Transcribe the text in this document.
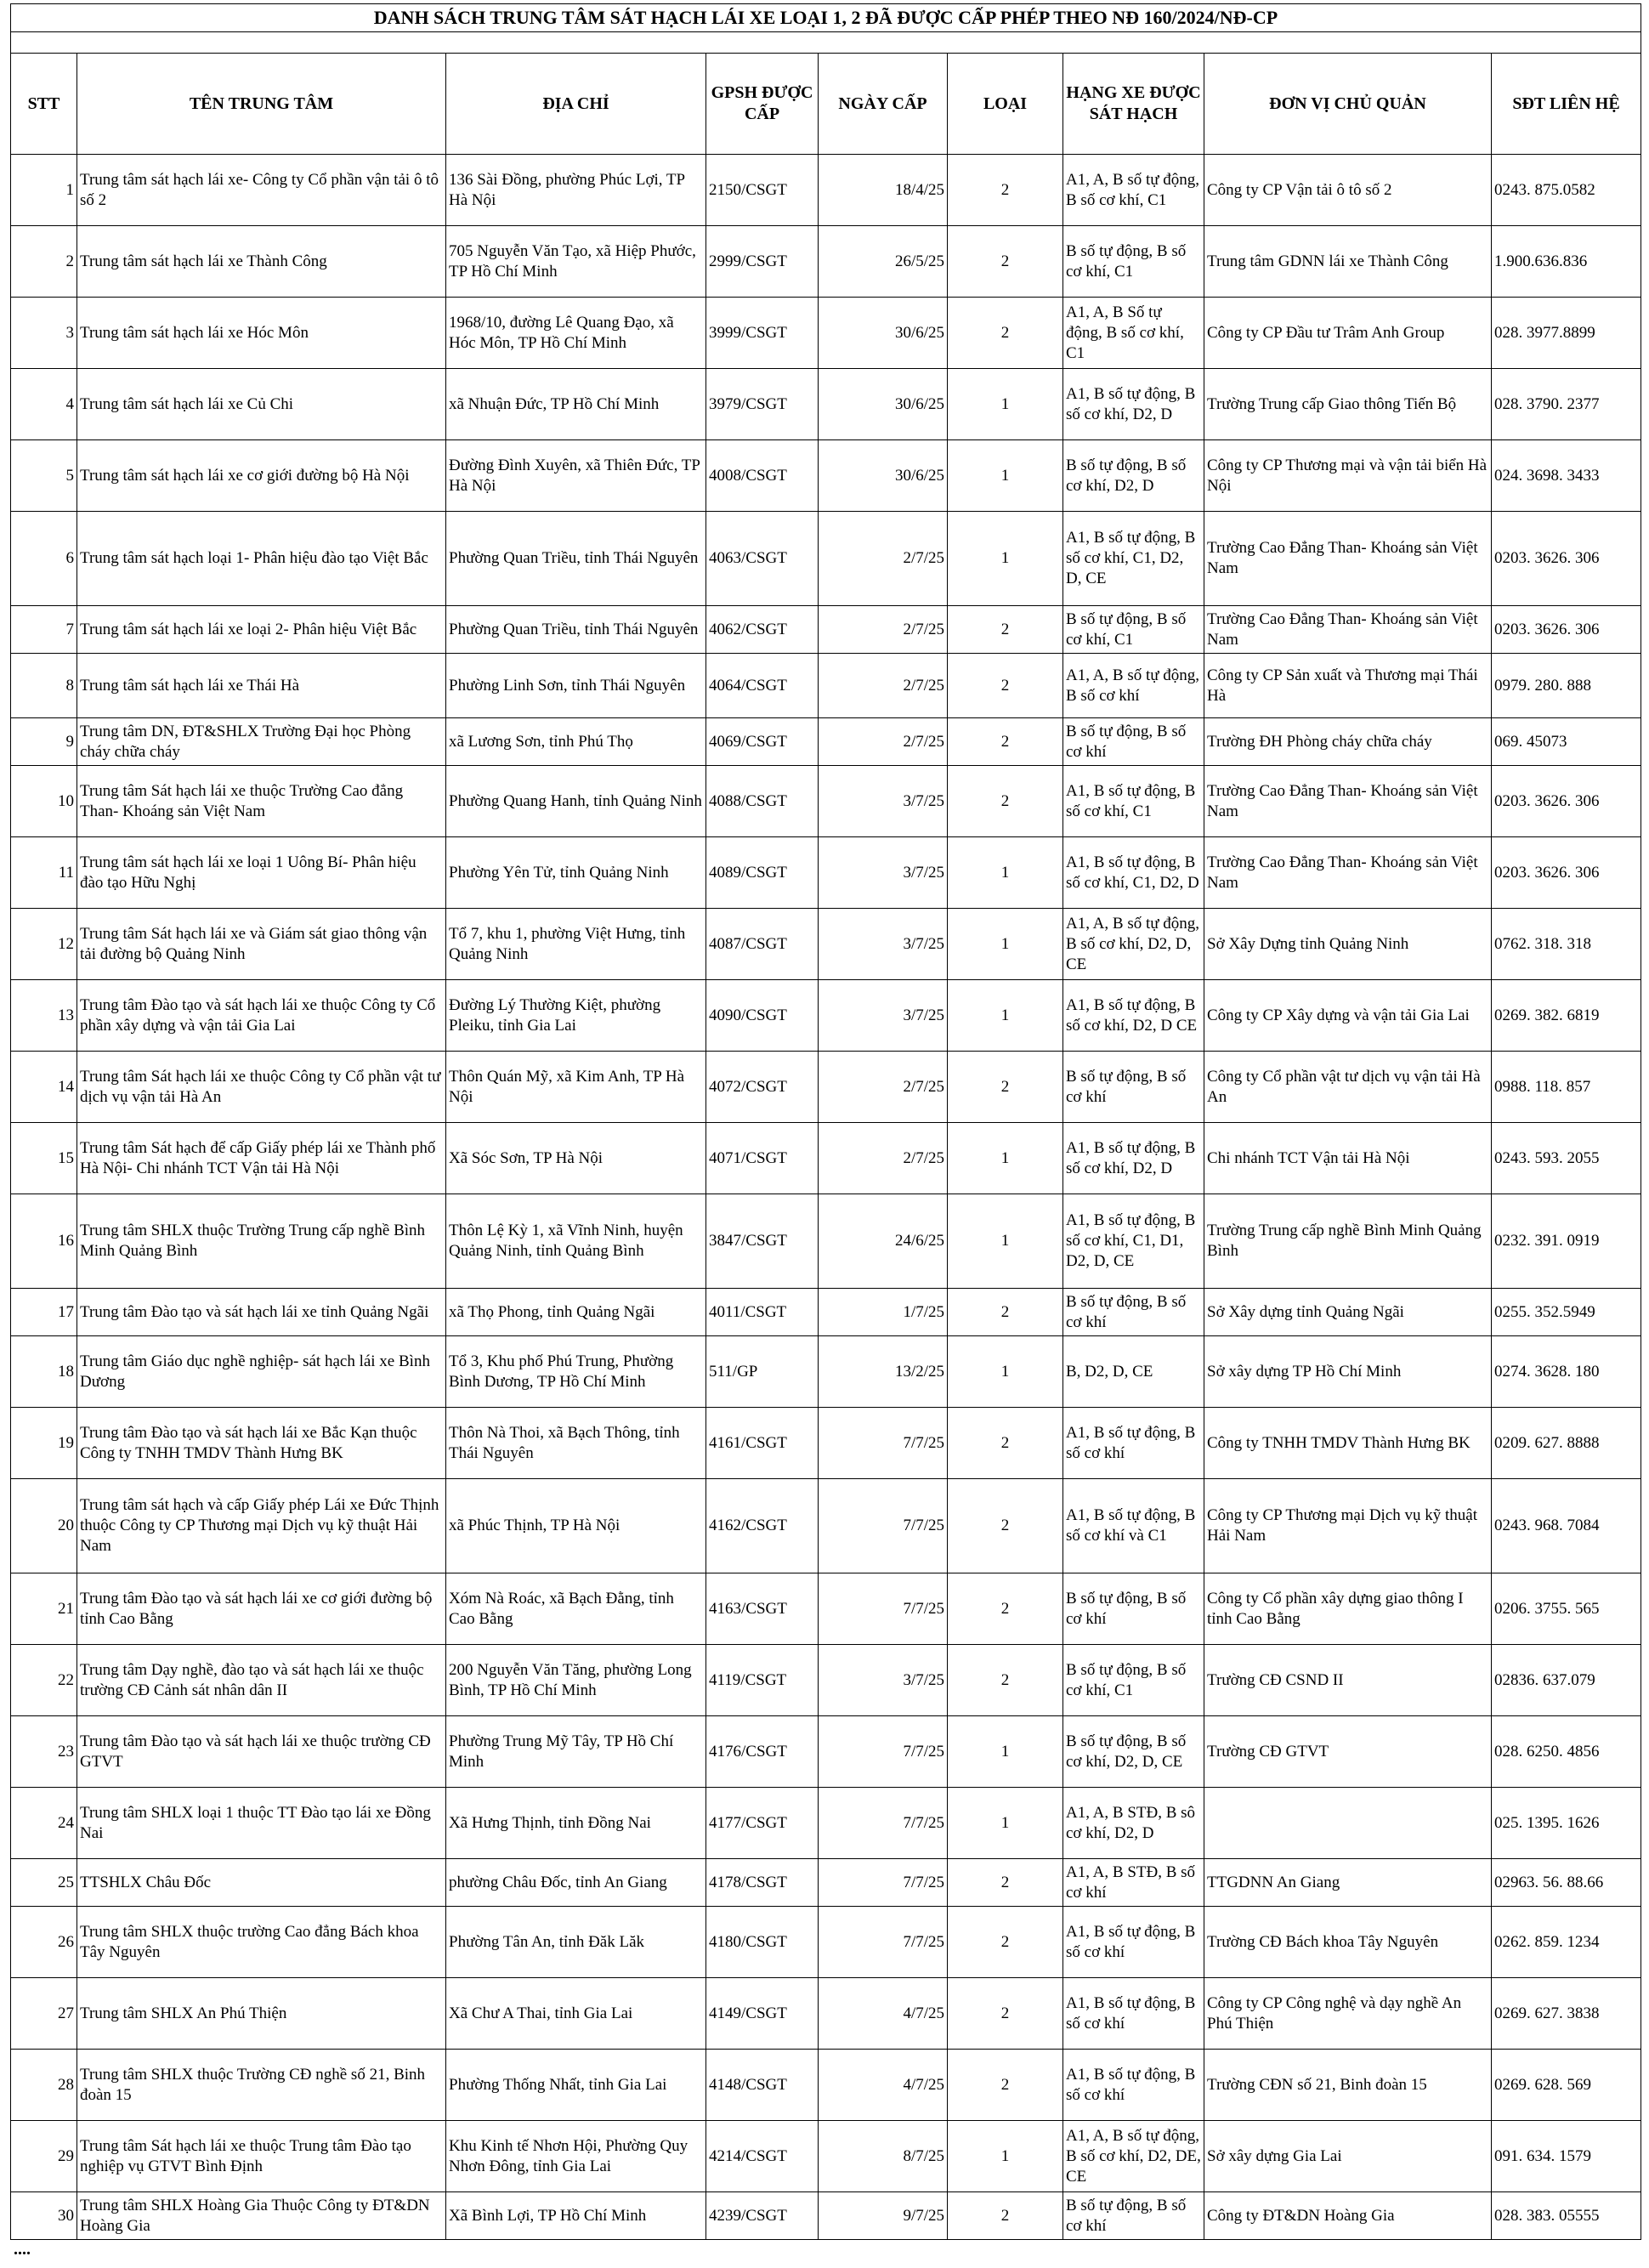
DANH SÁCH TRUNG TÂM SÁT HẠCH LÁI XE LOẠI 1, 2 ĐÃ ĐƯỢC CẤP PHÉP THEO NĐ 160/2024/NĐ-CP								

STT	TÊN TRUNG TÂM	ĐỊA CHỈ	GPSH ĐƯỢC CẤP	NGÀY CẤP	LOẠI	HẠNG XE ĐƯỢC SÁT HẠCH	ĐƠN VỊ CHỦ QUẢN	SĐT LIÊN HỆ
1	Trung tâm sát hạch lái xe- Công ty Cổ phần vận tải ô tô số 2	136 Sài Đồng, phường Phúc Lợi, TP Hà Nội	2150/CSGT	18/4/25	2	A1, A, B số tự động, B số cơ khí, C1	Công ty CP Vận tải ô tô số 2	0243. 875.0582
2	Trung tâm sát hạch lái xe Thành Công	705 Nguyễn Văn Tạo, xã Hiệp Phước, TP Hồ Chí Minh	2999/CSGT	26/5/25	2	B số tự động, B số cơ khí, C1	Trung tâm GDNN lái xe Thành Công	1.900.636.836
3	Trung tâm sát hạch lái xe Hóc Môn	1968/10, đường Lê Quang Đạo, xã Hóc Môn, TP Hồ Chí Minh	3999/CSGT	30/6/25	2	A1, A, B Số tự động, B số cơ khí, C1	Công ty CP Đầu tư Trâm Anh Group	028. 3977.8899
4	Trung tâm sát hạch lái xe Củ Chi	xã Nhuận Đức, TP Hồ Chí Minh	3979/CSGT	30/6/25	1	A1, B số tự động, B số cơ khí, D2, D	Trường Trung cấp Giao thông Tiến Bộ	028. 3790. 2377
5	Trung tâm sát hạch lái xe cơ giới đường bộ Hà Nội	Đường Đình Xuyên, xã Thiên Đức, TP Hà Nội	4008/CSGT	30/6/25	1	B số tự động, B số cơ khí, D2, D	Công ty CP Thương mại và vận tải biển Hà Nội	024. 3698. 3433
6	Trung tâm sát hạch loại 1- Phân hiệu đào tạo Việt Bắc	Phường Quan Triều, tỉnh Thái Nguyên	4063/CSGT	2/7/25	1	A1, B số tự động, B số cơ khí, C1, D2, D, CE	Trường Cao Đẳng Than- Khoáng sản Việt Nam	0203. 3626. 306
7	Trung tâm sát hạch lái xe loại 2- Phân hiệu Việt Bắc	Phường Quan Triều, tỉnh Thái Nguyên	4062/CSGT	2/7/25	2	B số tự động, B số cơ khí, C1	Trường Cao Đẳng Than- Khoáng sản Việt Nam	0203. 3626. 306
8	Trung tâm sát hạch lái xe Thái Hà	Phường Linh Sơn, tỉnh Thái Nguyên	4064/CSGT	2/7/25	2	A1, A, B số tự động, B số cơ khí	Công ty CP Sản xuất và Thương mại Thái Hà	0979. 280. 888
9	Trung tâm DN, ĐT&SHLX Trường Đại học Phòng cháy chữa cháy	xã Lương Sơn, tỉnh Phú Thọ	4069/CSGT	2/7/25	2	B số tự động, B số cơ khí	Trường ĐH Phòng cháy chữa cháy	069. 45073
10	Trung tâm Sát hạch lái xe thuộc Trường Cao đẳng Than- Khoáng sản Việt Nam	Phường Quang Hanh, tỉnh Quảng Ninh	4088/CSGT	3/7/25	2	A1, B số tự động, B số cơ khí, C1	Trường Cao Đẳng Than- Khoáng sản Việt Nam	0203. 3626. 306
11	Trung tâm sát hạch lái xe loại 1 Uông Bí- Phân hiệu đào tạo Hữu Nghị	Phường Yên Tử, tỉnh Quảng Ninh	4089/CSGT	3/7/25	1	A1, B số tự động, B số cơ khí, C1, D2, D	Trường Cao Đẳng Than- Khoáng sản Việt Nam	0203. 3626. 306
12	Trung tâm Sát hạch lái xe và Giám sát giao thông vận tải đường bộ Quảng Ninh	Tổ 7, khu 1, phường Việt Hưng, tỉnh Quảng Ninh	4087/CSGT	3/7/25	1	A1, A, B số tự động, B số cơ khí, D2, D, CE	Sở Xây Dựng tỉnh Quảng Ninh	0762. 318. 318
13	Trung tâm Đào tạo và sát hạch lái xe thuộc Công ty Cổ phần xây dựng và vận tải Gia Lai	Đường Lý Thường Kiệt, phường Pleiku, tỉnh Gia Lai	4090/CSGT	3/7/25	1	A1, B số tự động, B số cơ khí, D2, D CE	Công ty CP Xây dựng và vận tải Gia Lai	0269. 382. 6819
14	Trung tâm Sát hạch lái xe thuộc Công ty Cổ phần vật tư dịch vụ vận tải Hà An	Thôn Quán Mỹ, xã Kim Anh, TP Hà Nội	4072/CSGT	2/7/25	2	B số tự động, B số cơ khí	Công ty Cổ phần vật tư dịch vụ vận tải Hà An	0988. 118. 857
15	Trung tâm Sát hạch để cấp Giấy phép lái xe Thành phố Hà Nội- Chi nhánh TCT Vận tải Hà Nội	Xã Sóc Sơn, TP Hà Nội	4071/CSGT	2/7/25	1	A1, B số tự động, B số cơ khí, D2, D	Chi nhánh TCT Vận tải Hà Nội	0243. 593. 2055
16	Trung tâm SHLX thuộc Trường Trung cấp nghề Bình Minh Quảng Bình	Thôn Lệ Kỳ 1, xã Vĩnh Ninh, huyện Quảng Ninh, tỉnh Quảng Bình	3847/CSGT	24/6/25	1	A1, B số tự động, B số cơ khí, C1, D1, D2, D, CE	Trường Trung cấp nghề Bình Minh Quảng Bình	0232. 391. 0919
17	Trung tâm Đào tạo và sát hạch lái xe tỉnh Quảng Ngãi	xã Thọ Phong, tỉnh Quảng Ngãi	4011/CSGT	1/7/25	2	B số tự động, B số cơ khí	Sở Xây dựng tỉnh Quảng Ngãi	0255. 352.5949
18	Trung tâm Giáo dục nghề nghiệp- sát hạch lái xe Bình Dương	Tổ 3, Khu phố Phú Trung, Phường Bình Dương, TP Hồ Chí Minh	511/GP	13/2/25	1	B, D2, D, CE	Sở xây dựng TP Hồ Chí Minh	0274. 3628. 180
19	Trung tâm Đào tạo và sát hạch lái xe Bắc Kạn thuộc Công ty TNHH TMDV Thành Hưng BK	Thôn Nà Thoi, xã Bạch Thông, tỉnh Thái Nguyên	4161/CSGT	7/7/25	2	A1, B số tự động, B số cơ khí	Công ty TNHH TMDV Thành Hưng BK	0209. 627. 8888
20	Trung tâm sát hạch và cấp Giấy phép Lái xe Đức Thịnh thuộc Công ty CP Thương mại Dịch vụ kỹ thuật Hải Nam	xã Phúc Thịnh, TP Hà Nội	4162/CSGT	7/7/25	2	A1, B số tự động, B số cơ khí và C1	Công ty CP Thương mại Dịch vụ kỹ thuật Hải Nam	0243. 968. 7084
21	Trung tâm Đào tạo và sát hạch lái xe cơ giới đường bộ tỉnh Cao Bằng	Xóm Nà Roác, xã Bạch Đằng, tỉnh Cao Bằng	4163/CSGT	7/7/25	2	B số tự động, B số cơ khí	Công ty Cổ phần xây dựng giao thông I tỉnh Cao Bằng	0206. 3755. 565
22	Trung tâm Dạy nghề, đào tạo và sát hạch lái xe thuộc trường CĐ Cảnh sát nhân dân II	200 Nguyễn Văn Tăng, phường Long Bình, TP Hồ Chí Minh	4119/CSGT	3/7/25	2	B số tự động, B số cơ khí, C1	Trường CĐ CSND II	02836. 637.079
23	Trung tâm Đào tạo và sát hạch lái xe thuộc trường CĐ GTVT	Phường Trung Mỹ Tây, TP Hồ Chí Minh	4176/CSGT	7/7/25	1	B số tự động, B số cơ khí, D2, D, CE	Trường CĐ GTVT	028. 6250. 4856
24	Trung tâm SHLX loại 1 thuộc TT Đào tạo lái xe Đồng Nai	Xã Hưng Thịnh, tỉnh Đồng Nai	4177/CSGT	7/7/25	1	A1, A, B STĐ, B sô cơ khí, D2, D		025. 1395. 1626
25	TTSHLX Châu Đốc	phường Châu Đốc, tỉnh An Giang	4178/CSGT	7/7/25	2	A1, A, B STĐ, B số cơ khí	TTGDNN An Giang	02963. 56. 88.66
26	Trung tâm SHLX thuộc trường Cao đẳng Bách khoa Tây Nguyên	Phường Tân An, tỉnh Đăk Lăk	4180/CSGT	7/7/25	2	A1, B số tự động, B số cơ khí	Trường CĐ Bách khoa Tây Nguyên	0262. 859. 1234
27	Trung tâm SHLX An Phú Thiện	Xã Chư A Thai, tỉnh Gia Lai	4149/CSGT	4/7/25	2	A1, B số tự động, B số cơ khí	Công ty CP Công nghệ và dạy nghề An Phú Thiện	0269. 627. 3838
28	Trung tâm SHLX thuộc Trường CĐ nghề số 21, Binh đoàn 15	Phường Thống Nhất, tỉnh Gia Lai	4148/CSGT	4/7/25	2	A1, B số tự động, B số cơ khí	Trường CĐN số 21, Binh đoàn 15	0269. 628. 569
29	Trung tâm Sát hạch lái xe thuộc Trung tâm Đào tạo nghiệp vụ GTVT Bình Định	Khu Kinh tế Nhơn Hội, Phường Quy Nhơn Đông, tỉnh Gia Lai	4214/CSGT	8/7/25	1	A1, A, B số tự động, B số cơ khí, D2, DE, CE	Sở xây dựng Gia Lai	091. 634. 1579
30	Trung tâm SHLX Hoàng Gia Thuộc Công ty ĐT&DN Hoàng Gia	Xã Bình Lợi, TP Hồ Chí Minh	4239/CSGT	9/7/25	2	B số tự động, B số cơ khí	Công ty ĐT&DN Hoàng Gia	028. 383. 05555
....
